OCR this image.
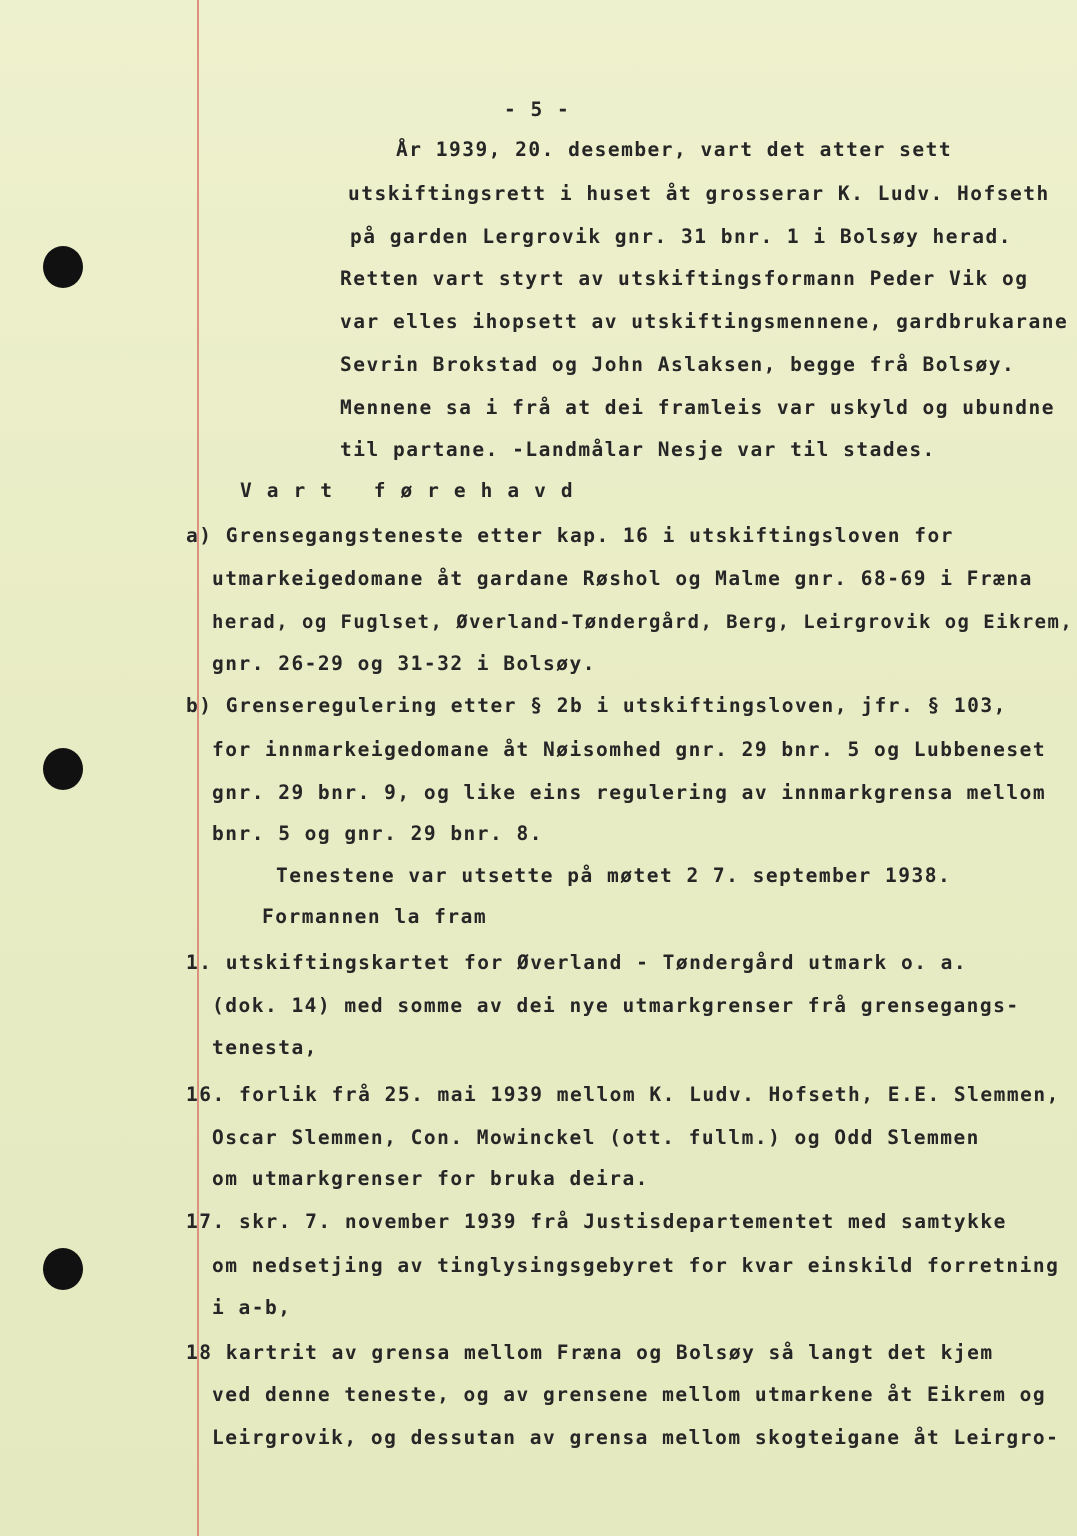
- 5 -
År 1939, 20. desember, vart det atter sett
utskiftingsrett i huset åt grosserar K. Ludv. Hofseth
på garden Lergrovik gnr. 31 bnr. 1 i Bolsøy herad.
Retten vart styrt av utskiftingsformann Peder Vik og
var elles ihopsett av utskiftingsmennene, gardbrukarane
Sevrin Brokstad og John Aslaksen, begge frå Bolsøy.
Mennene sa i frå at dei framleis var uskyld og ubundne
til partane. -Landmålar Nesje var til stades.
Vart førehavd
a) Grensegangsteneste etter kap. 16 i utskiftingsloven for
utmarkeigedomane åt gardane Røshol og Malme gnr. 68-69 i Fræna
herad, og Fuglset, Øverland-Tøndergård, Berg, Leirgrovik og Eikrem,
gnr. 26-29 og 31-32 i Bolsøy.
b) Grenseregulering etter § 2b i utskiftingsloven, jfr. § 103,
for innmarkeigedomane åt Nøisomhed gnr. 29 bnr. 5 og Lubbeneset
gnr. 29 bnr. 9, og like eins regulering av innmarkgrensa mellom
bnr. 5 og gnr. 29 bnr. 8.
Tenestene var utsette på møtet 2 7. september 1938.
Formannen la fram
1. utskiftingskartet for Øverland - Tøndergård utmark o. a.
(dok. 14) med somme av dei nye utmarkgrenser frå grensegangs-
tenesta,
16. forlik frå 25. mai 1939 mellom K. Ludv. Hofseth, E.E. Slemmen,
Oscar Slemmen, Con. Mowinckel (ott. fullm.) og Odd Slemmen
om utmarkgrenser for bruka deira.
17. skr. 7. november 1939 frå Justisdepartementet med samtykke
om nedsetjing av tinglysingsgebyret for kvar einskild forretning
i a-b,
18 kartrit av grensa mellom Fræna og Bolsøy så langt det kjem
ved denne teneste, og av grensene mellom utmarkene åt Eikrem og
Leirgrovik, og dessutan av grensa mellom skogteigane åt Leirgro-
